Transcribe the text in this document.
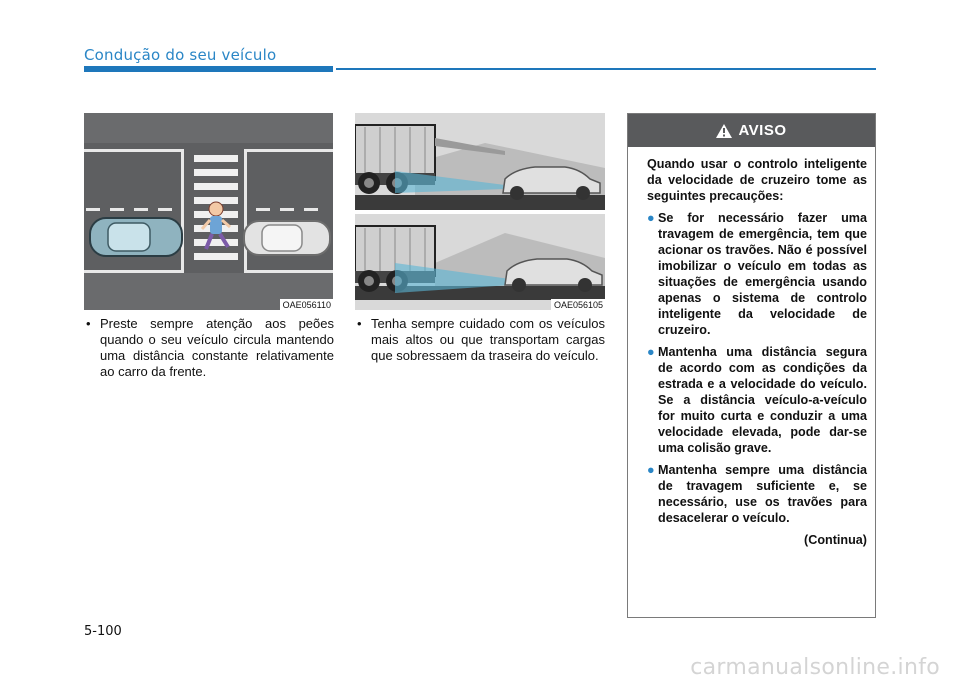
Condução do seu veículo
OAE056110	OAE056105
• Preste sempre atenção aos peões quando o seu veículo circula mantendo uma distância constante relativamente ao carro da frente.
• Tenha sempre cuidado com os veículos mais altos ou que transportam cargas que sobressaem da traseira do veículo.
AVISO

Quando usar o controlo inteligente da velocidade de cruzeiro tome as seguintes precauções:

● Se for necessário fazer uma travagem de emergência, tem que acionar os travões. Não é possível imobilizar o veículo em todas as situações de emergência usando apenas o sistema de controlo inteligente da velocidade de cruzeiro.
● Mantenha uma distância segura de acordo com as condições da estrada e a velocidade do veículo. Se a distância veículo-a-veículo for muito curta e conduzir a uma velocidade elevada, pode dar-se uma colisão grave.
● Mantenha sempre uma distância de travagem suficiente e, se necessário, use os travões para desacelerar o veículo.
(Continua)
5-100
carmanualsonline.info
